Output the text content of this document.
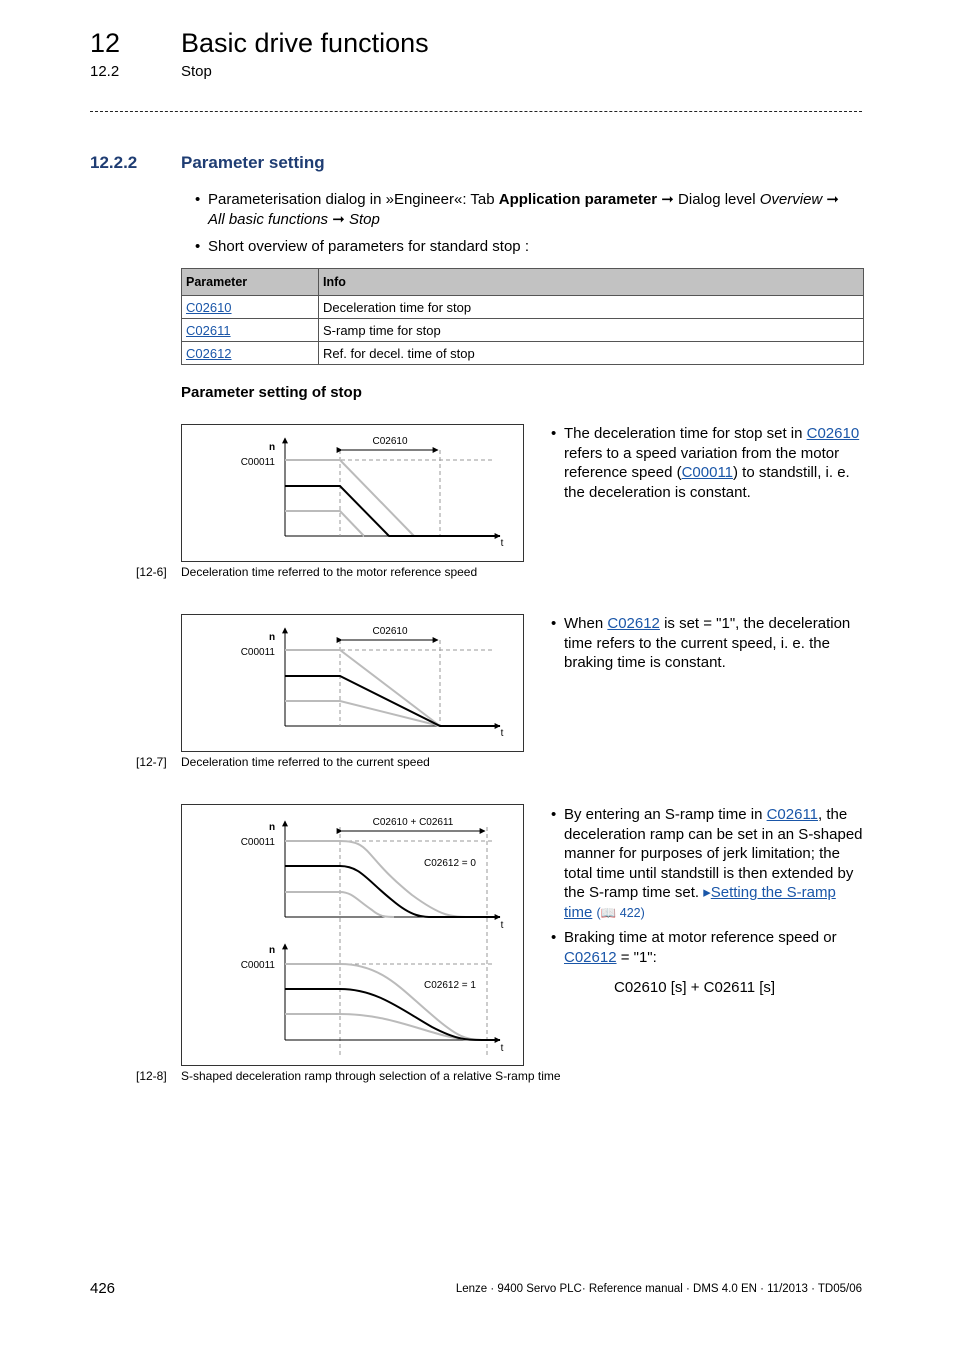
12 Basic drive functions
12.2	Stop
12.2.2	Parameter setting
• Parameterisation dialog in »Engineer«: Tab Application parameter ➞ Dialog level Overview ➞
All basic functions ➞ Stop
• Short overview of parameters for standard stop :
Parameter	Info
C02610	Deceleration time for stop
C02611	S-ramp time for stop
C02612	Ref. for decel. time of stop
Parameter setting of stop
n
C00011
C02610
t
[12-6] Deceleration time referred to the motor reference speed
• The deceleration time for stop set in C02610 refers to a speed variation from the motor reference speed (C00011) to standstill, i. e. the deceleration is constant.
n
C00011
C02610
t
[12-7] Deceleration time referred to the current speed
• When C02612 is set = "1", the deceleration time refers to the current speed, i. e. the braking time is constant.
n
C00011
C02610 + C02611
C02612 = 0
t
n
C00011
C02612 = 1
t
[12-8] S-shaped deceleration ramp through selection of a relative S-ramp time
• By entering an S-ramp time in C02611, the deceleration ramp can be set in an S-shaped manner for purposes of jerk limitation; the total time until standstill is then extended by the S-ramp time set. ▸Setting the S-ramp time (📖 422)
• Braking time at motor reference speed or C02612 = "1":
C02610 [s] + C02611 [s]
426	Lenze · 9400 Servo PLC· Reference manual · DMS 4.0 EN · 11/2013 · TD05/06
